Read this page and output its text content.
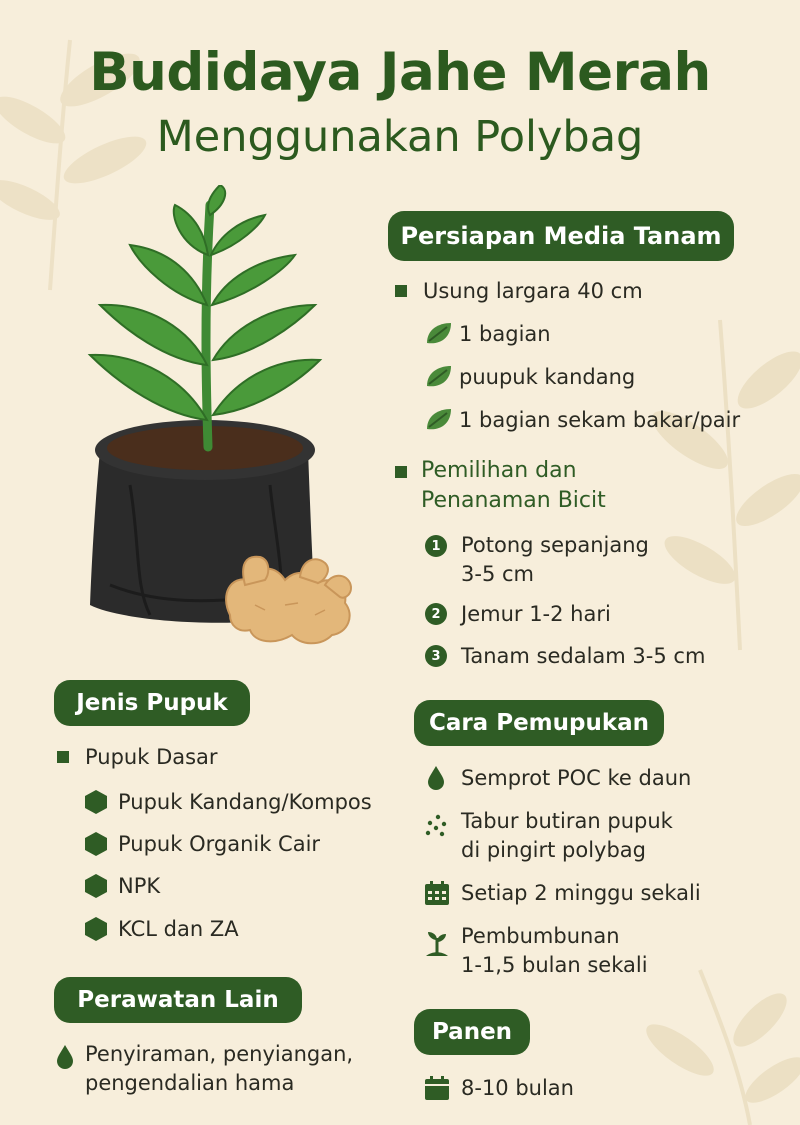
Budidaya Jahe Merah
Menggunakan Polybag
Persiapan Media Tanam
Usung largara 40 cm
1 bagian
puupuk kandang
1 bagian sekam bakar/pair
Pemilihan dan
Penanaman Bicit
1 Potong sepanjang
3-5 cm
2 Jemur 1-2 hari
3 Tanam sedalam 3-5 cm
Jenis Pupuk
Pupuk Dasar
Pupuk Kandang/Kompos
Pupuk Organik Cair
NPK
KCL dan ZA
Cara Pemupukan
Semprot POC ke daun
Tabur butiran pupuk
di pingirt polybag
Setiap 2 minggu sekali
Pembumbunan
1-1,5 bulan sekali
Perawatan Lain
Penyiraman, penyiangan,
pengendalian hama
Panen
8-10 bulan
